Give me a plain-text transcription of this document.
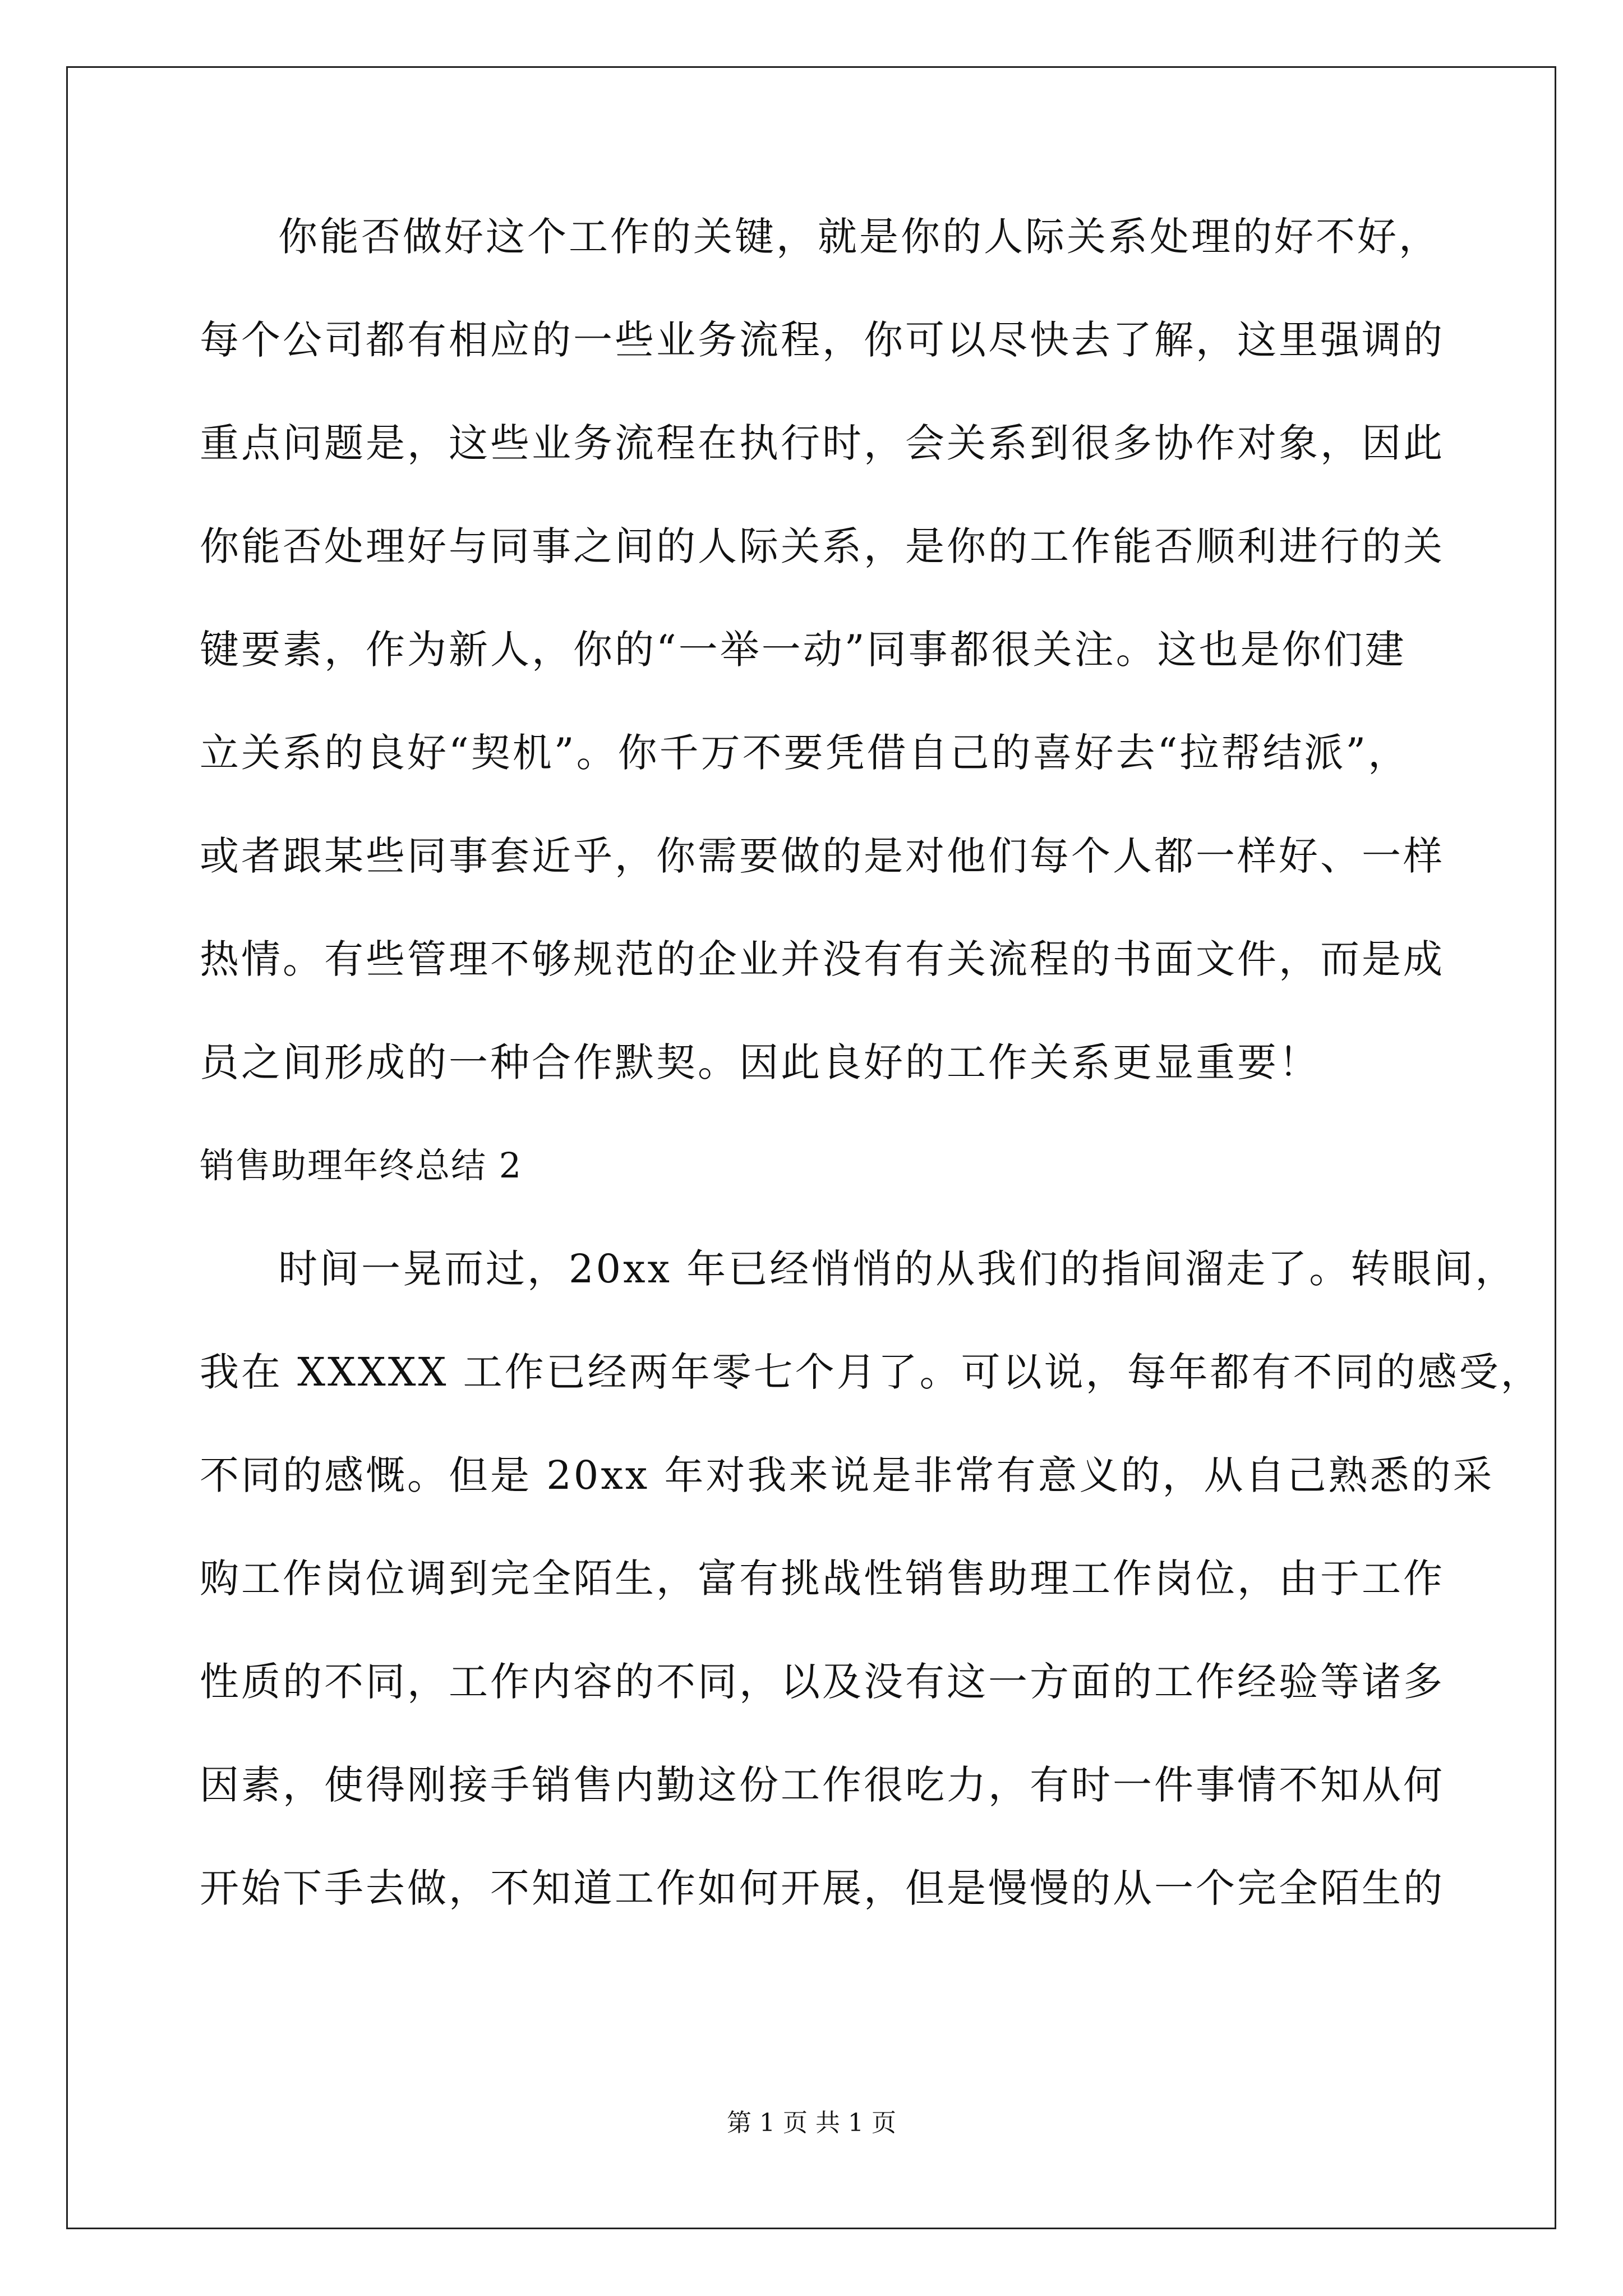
你能否做好这个工作的关键，就是你的人际关系处理的好不好，
每个公司都有相应的一些业务流程，你可以尽快去了解，这里强调的
重点问题是，这些业务流程在执行时，会关系到很多协作对象，因此
你能否处理好与同事之间的人际关系，是你的工作能否顺利进行的关
键要素，作为新人，你的“一举一动”同事都很关注。这也是你们建
立关系的良好“契机”。你千万不要凭借自己的喜好去“拉帮结派”，
或者跟某些同事套近乎，你需要做的是对他们每个人都一样好、一样
热情。有些管理不够规范的企业并没有有关流程的书面文件，而是成
员之间形成的一种合作默契。因此良好的工作关系更显重要！
销售助理年终总结 2
时间一晃而过，20xx 年已经悄悄的从我们的指间溜走了。转眼间，
我在 XXXXX 工作已经两年零七个月了。可以说，每年都有不同的感受，
不同的感慨。但是 20xx 年对我来说是非常有意义的，从自己熟悉的采
购工作岗位调到完全陌生，富有挑战性销售助理工作岗位，由于工作
性质的不同，工作内容的不同，以及没有这一方面的工作经验等诸多
因素，使得刚接手销售内勤这份工作很吃力，有时一件事情不知从何
开始下手去做，不知道工作如何开展，但是慢慢的从一个完全陌生的
第 1 页 共 1 页
